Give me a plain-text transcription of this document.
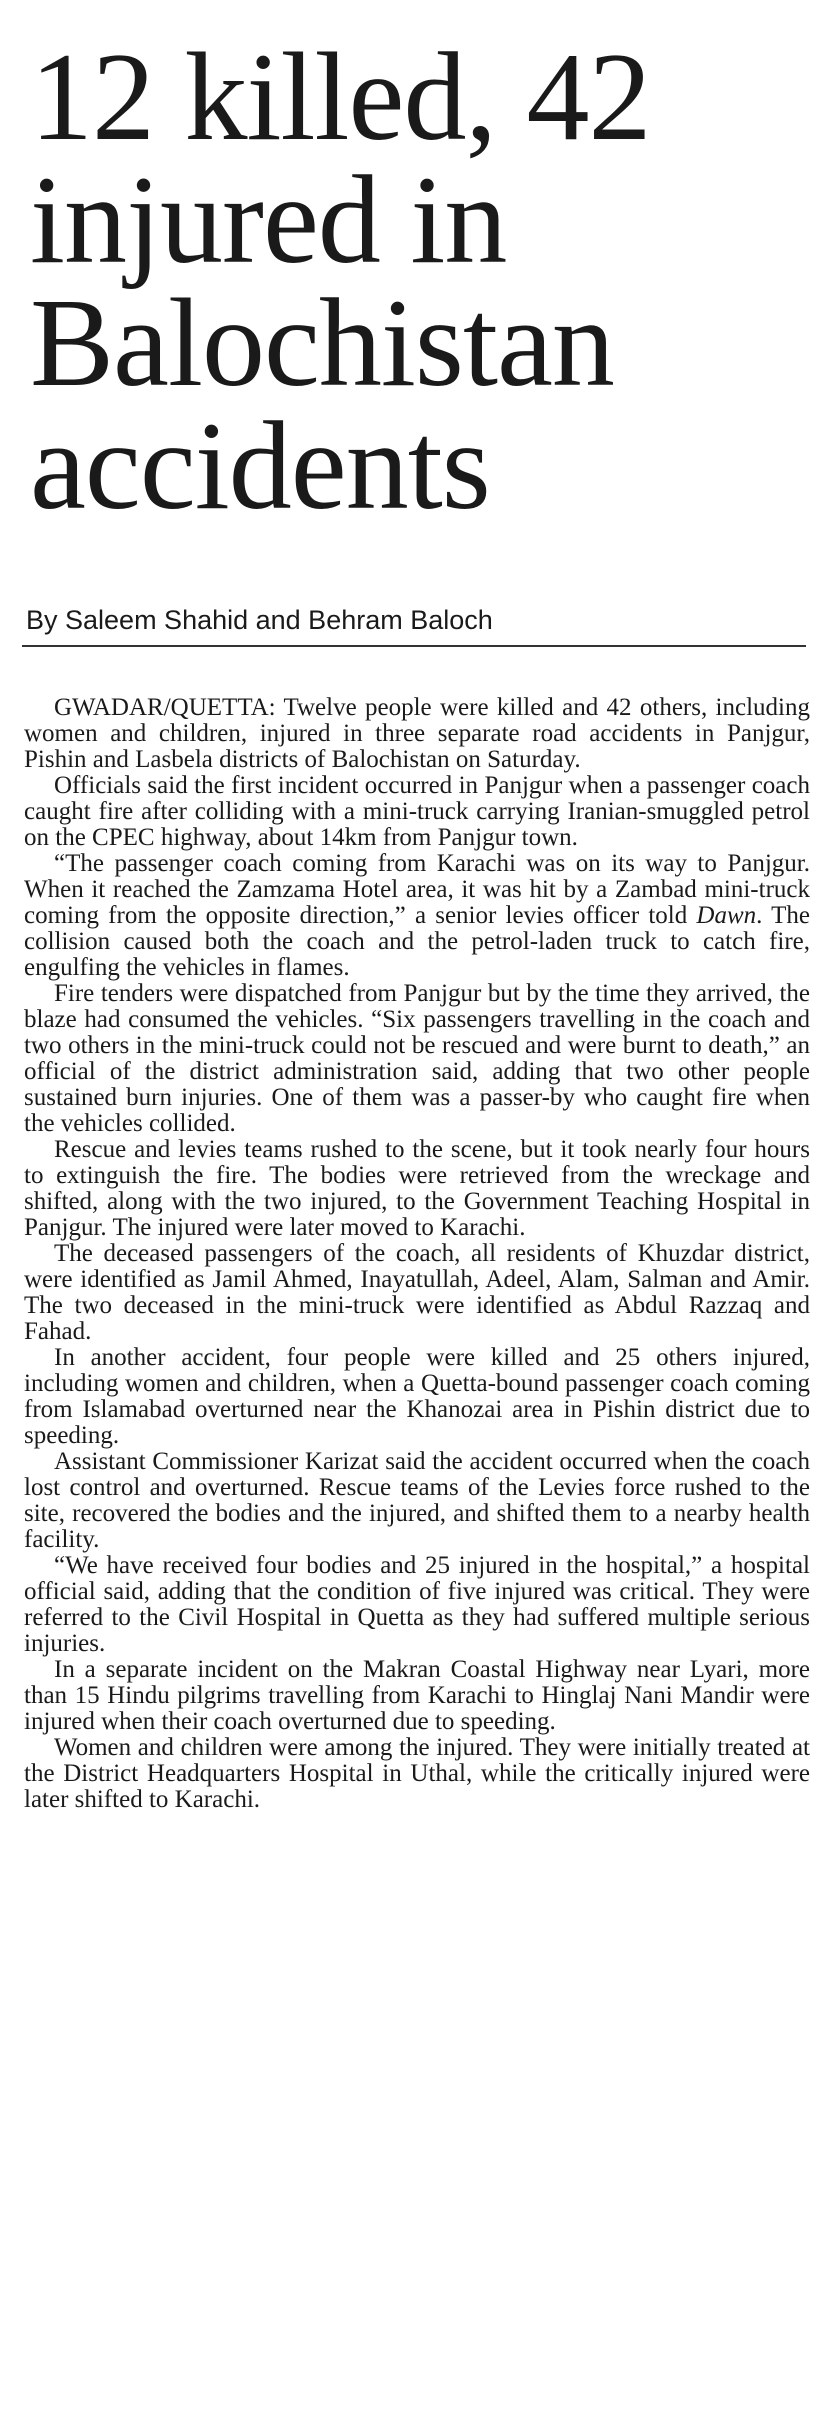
12 killed, 42
injured in
Balochistan
accidents

By Saleem Shahid and Behram Baloch

GWADAR/QUETTA: Twelve people were killed and 42 others, including women and children, injured in three separate road accidents in Panjgur, Pishin and Lasbela districts of Balochistan on Saturday.

Officials said the first incident occurred in Panjgur when a passenger coach caught fire after colliding with a mini-truck carrying Iranian-smuggled petrol on the CPEC highway, about 14km from Panjgur town.

“The passenger coach coming from Karachi was on its way to Panjgur. When it reached the Zamzama Hotel area, it was hit by a Zambad mini-truck coming from the opposite direction,” a senior levies officer told Dawn. The collision caused both the coach and the petrol-laden truck to catch fire, engulfing the vehicles in flames.

Fire tenders were dispatched from Panjgur but by the time they arrived, the blaze had consumed the vehicles. “Six passengers travelling in the coach and two others in the mini-truck could not be rescued and were burnt to death,” an official of the district administration said, adding that two other people sustained burn injuries. One of them was a passer-by who caught fire when the vehicles collided.

Rescue and levies teams rushed to the scene, but it took nearly four hours to extinguish the fire. The bodies were retrieved from the wreckage and shifted, along with the two injured, to the Government Teaching Hospital in Panjgur. The injured were later moved to Karachi.

The deceased passengers of the coach, all residents of Khuzdar district, were identified as Jamil Ahmed, Inayatullah, Adeel, Alam, Salman and Amir. The two deceased in the mini-truck were identified as Abdul Razzaq and Fahad.

In another accident, four people were killed and 25 others injured, including women and children, when a Quetta-bound passenger coach coming from Islamabad overturned near the Khanozai area in Pishin district due to speeding.

Assistant Commissioner Karizat said the accident occurred when the coach lost control and overturned. Rescue teams of the Levies force rushed to the site, recovered the bodies and the injured, and shifted them to a nearby health facility.

“We have received four bodies and 25 injured in the hospital,” a hospital official said, adding that the condition of five injured was critical. They were referred to the Civil Hospital in Quetta as they had suffered multiple serious injuries.

In a separate incident on the Makran Coastal Highway near Lyari, more than 15 Hindu pilgrims travelling from Karachi to Hinglaj Nani Mandir were injured when their coach overturned due to speeding.

Women and children were among the injured. They were initially treated at the District Headquarters Hospital in Uthal, while the critically injured were later shifted to Karachi.
